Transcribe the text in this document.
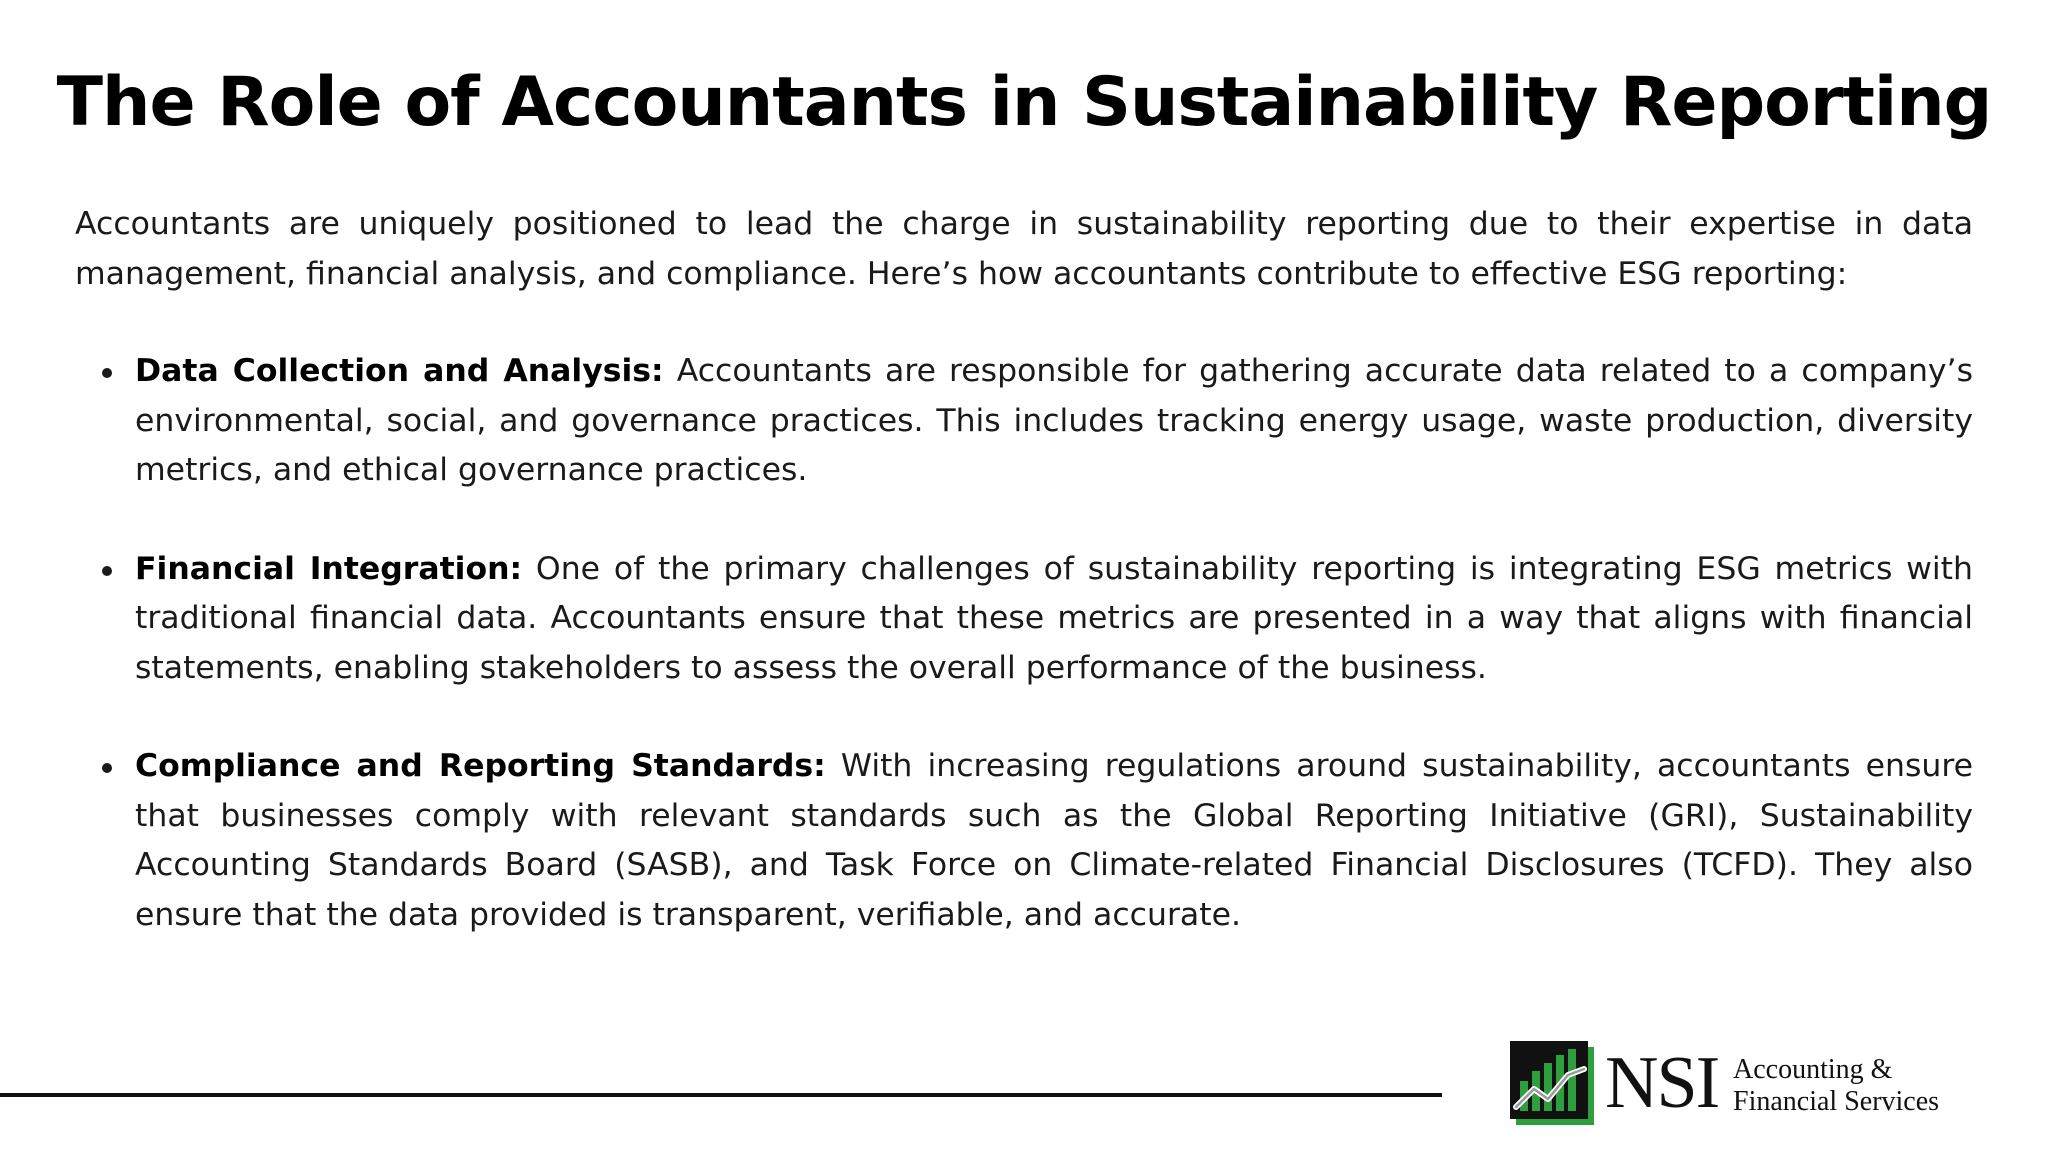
The Role of Accountants in Sustainability Reporting

Accountants are uniquely positioned to lead the charge in sustainability reporting due to their expertise in data management, financial analysis, and compliance. Here’s how accountants contribute to effective ESG reporting:

Data Collection and Analysis: Accountants are responsible for gathering accurate data related to a company’s environmental, social, and governance practices. This includes tracking energy usage, waste production, diversity metrics, and ethical governance practices.
Financial Integration: One of the primary challenges of sustainability reporting is integrating ESG metrics with traditional financial data. Accountants ensure that these metrics are presented in a way that aligns with financial statements, enabling stakeholders to assess the overall performance of the business.
Compliance and Reporting Standards: With increasing regulations around sustainability, accountants ensure that businesses comply with relevant standards such as the Global Reporting Initiative (GRI), Sustainability Accounting Standards Board (SASB), and Task Force on Climate-related Financial Disclosures (TCFD). They also ensure that the data provided is transparent, verifiable, and accurate.
NSI Accounting &
Financial Services
